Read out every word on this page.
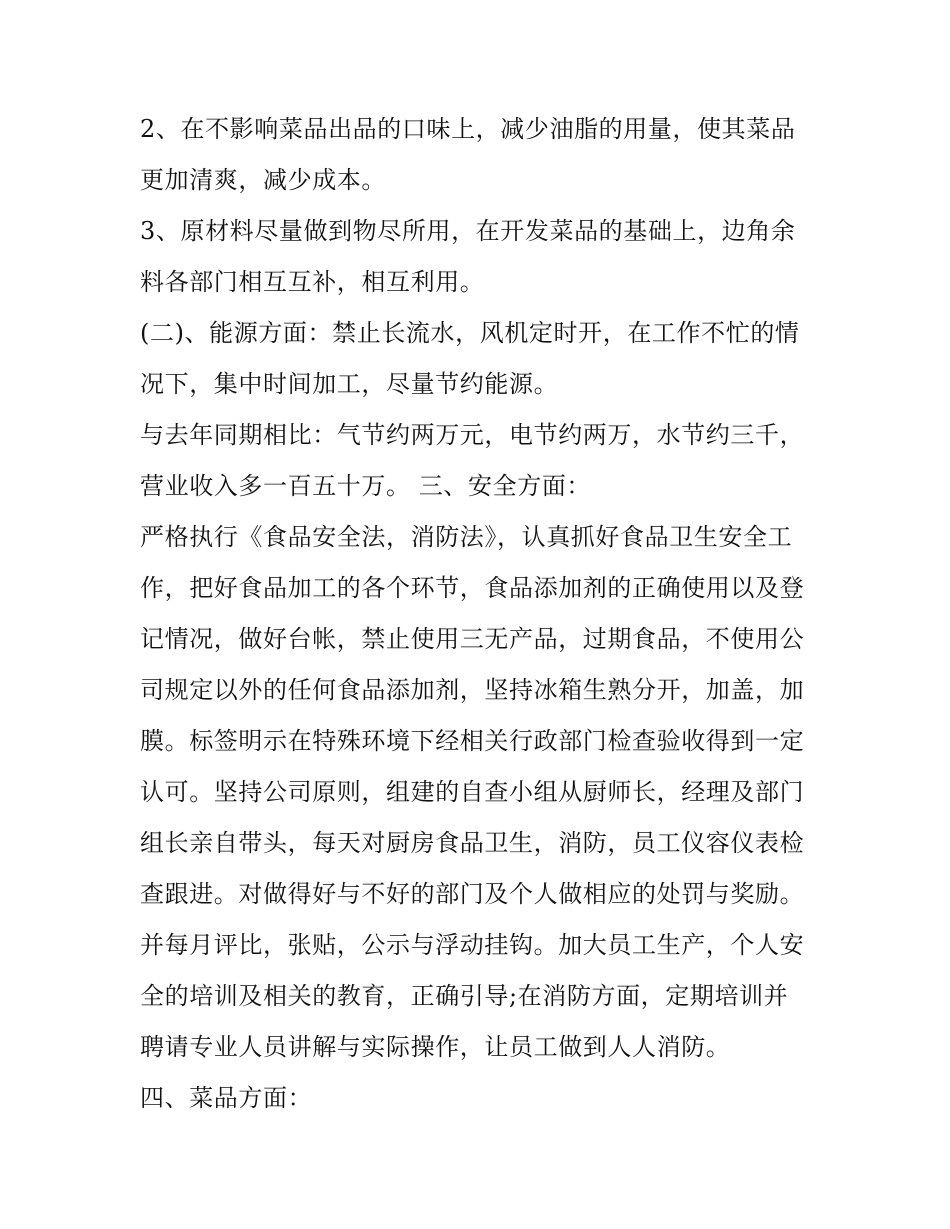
2、在不影响菜品出品的口味上，减少油脂的用量，使其菜品
更加清爽，减少成本。
3、原材料尽量做到物尽所用，在开发菜品的基础上，边角余
料各部门相互互补，相互利用。
(二)、能源方面：禁止长流水，风机定时开，在工作不忙的情
况下，集中时间加工，尽量节约能源。
与去年同期相比：气节约两万元，电节约两万，水节约三千，
营业收入多一百五十万。 三、安全方面：
严格执行《食品安全法，消防法》，认真抓好食品卫生安全工
作，把好食品加工的各个环节，食品添加剂的正确使用以及登
记情况，做好台帐，禁止使用三无产品，过期食品，不使用公
司规定以外的任何食品添加剂，坚持冰箱生熟分开，加盖，加
膜。标签明示在特殊环境下经相关行政部门检查验收得到一定
认可。坚持公司原则，组建的自查小组从厨师长，经理及部门
组长亲自带头，每天对厨房食品卫生，消防，员工仪容仪表检
查跟进。对做得好与不好的部门及个人做相应的处罚与奖励。
并每月评比，张贴，公示与浮动挂钩。加大员工生产，个人安
全的培训及相关的教育，正确引导;在消防方面，定期培训并
聘请专业人员讲解与实际操作，让员工做到人人消防。
四、菜品方面：
